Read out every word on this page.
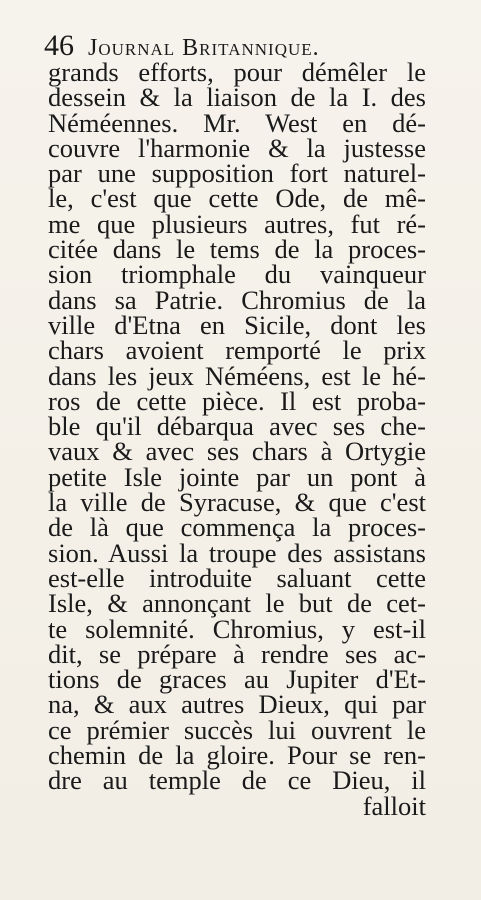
46 Journal Britannique.
grands efforts, pour démêler le
dessein & la liaison de la I. des
Néméennes. Mr. West en dé-
couvre l'harmonie & la justesse
par une supposition fort naturel-
le, c'est que cette Ode, de mê-
me que plusieurs autres, fut ré-
citée dans le tems de la proces-
sion triomphale du vainqueur
dans sa Patrie. Chromius de la
ville d'Etna en Sicile, dont les
chars avoient remporté le prix
dans les jeux Néméens, est le hé-
ros de cette pièce. Il est proba-
ble qu'il débarqua avec ses che-
vaux & avec ses chars à Ortygie
petite Isle jointe par un pont à
la ville de Syracuse, & que c'est
de là que commença la proces-
sion. Aussi la troupe des assistans
est-elle introduite saluant cette
Isle, & annonçant le but de cet-
te solemnité. Chromius, y est-il
dit, se prépare à rendre ses ac-
tions de graces au Jupiter d'Et-
na, & aux autres Dieux, qui par
ce prémier succès lui ouvrent le
chemin de la gloire. Pour se ren-
dre au temple de ce Dieu, il
falloit
